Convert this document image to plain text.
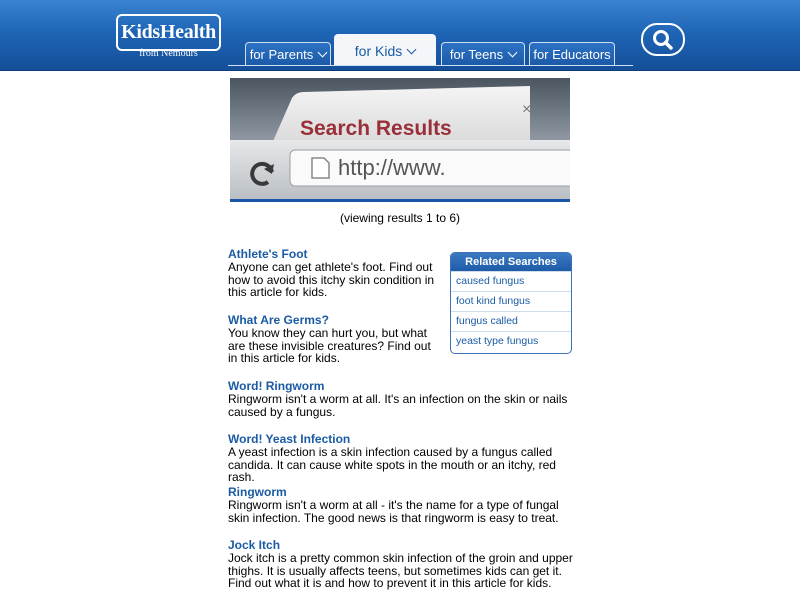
KidsHealth
from Nemours	for Parents	for Kids	for Teens	for Educators
×
Search Results
http://www.
(viewing results 1 to 6)
Athlete's Foot
Anyone can get athlete's foot. Find out how to avoid this itchy skin condition in this article for kids.
What Are Germs?
You know they can hurt you, but what are these invisible creatures? Find out in this article for kids.
Word! Ringworm
Ringworm isn't a worm at all. It's an infection on the skin or nails caused by a fungus.
Word! Yeast Infection
A yeast infection is a skin infection caused by a fungus called candida. It can cause white spots in the mouth or an itchy, red rash.
Ringworm
Ringworm isn't a worm at all - it's the name for a type of fungal skin infection. The good news is that ringworm is easy to treat.
Jock Itch
Jock itch is a pretty common skin infection of the groin and upper thighs. It is usually affects teens, but sometimes kids can get it. Find out what it is and how to prevent it in this article for kids.
Related Searches
caused fungus
foot kind fungus
fungus called
yeast type fungus
